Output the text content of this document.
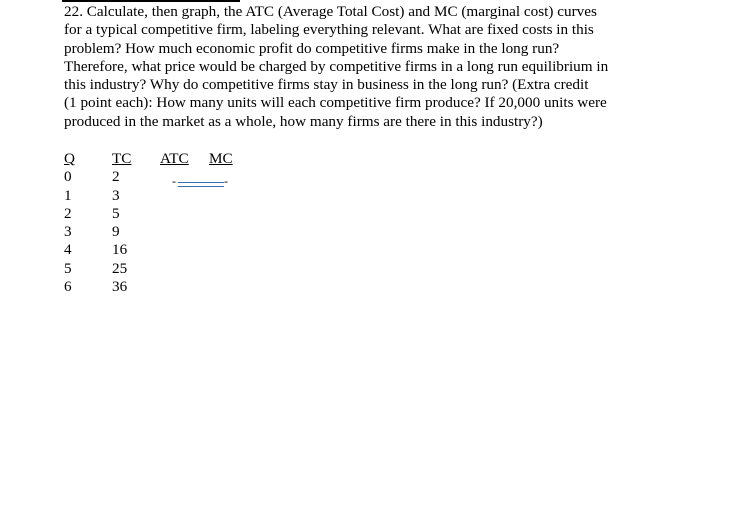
22. Calculate, then graph, the ATC (Average Total Cost) and MC (marginal cost) curves
for a typical competitive firm, labeling everything relevant. What are fixed costs in this
problem? How much economic profit do competitive firms make in the long run?
Therefore, what price would be charged by competitive firms in a long run equilibrium in
this industry? Why do competitive firms stay in business in the long run? (Extra credit
(1 point each): How many units will each competitive firm produce? If 20,000 units were
produced in the market as a whole, how many firms are there in this industry?)
Q
0
1
2
3
4
5
6
TC
2
3
5
9
16
25
36
ATC MC
-	-
